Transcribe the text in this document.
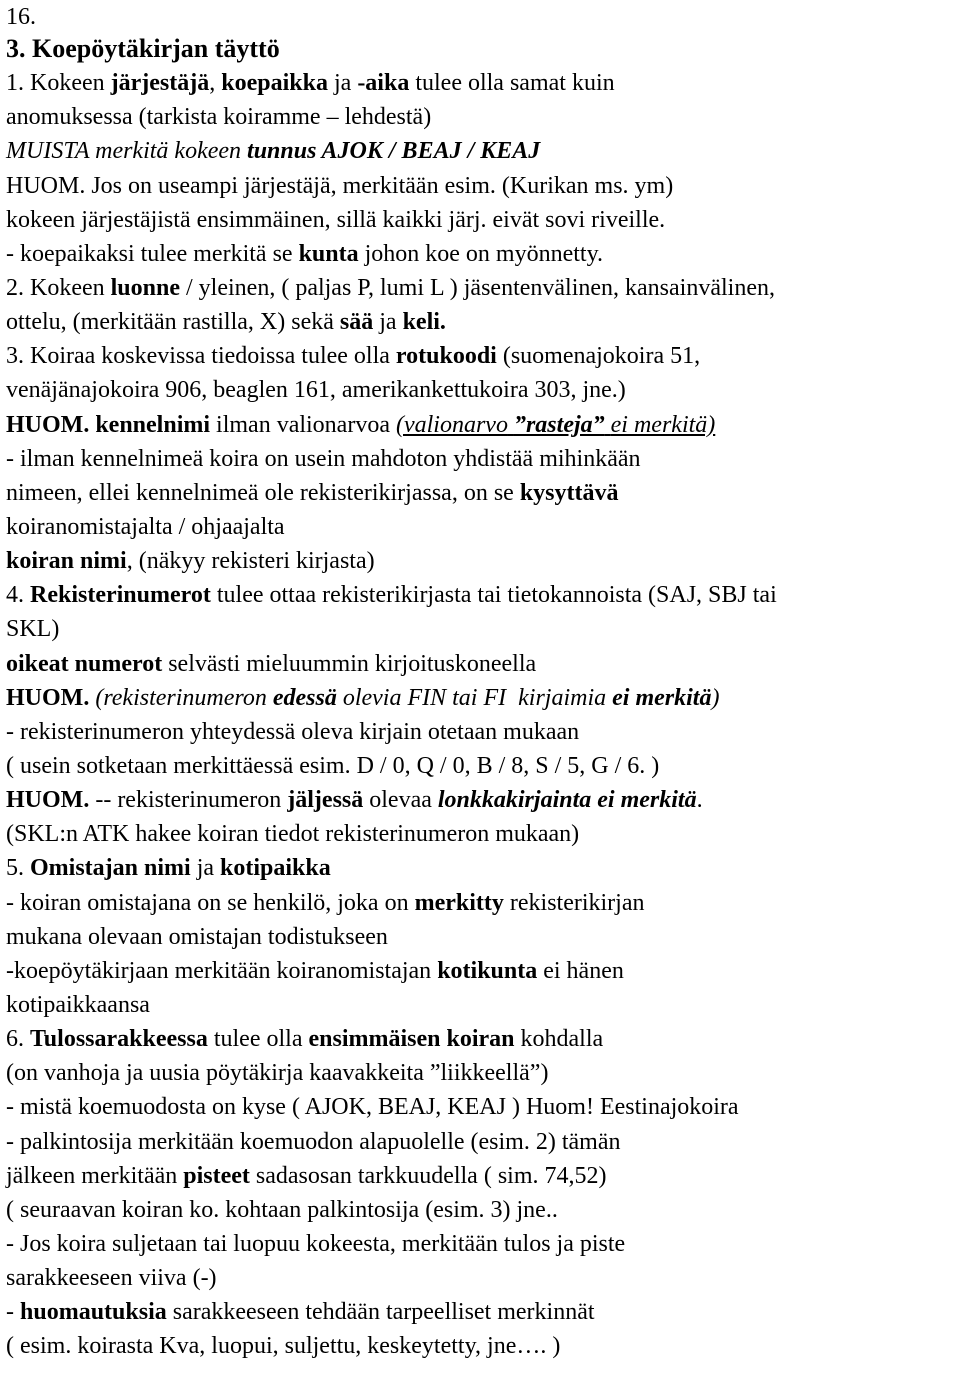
16.
3. Koepöytäkirjan täyttö
1. Kokeen järjestäjä, koepaikka ja -aika tulee olla samat kuin
anomuksessa (tarkista koiramme – lehdestä)
MUISTA merkitä kokeen tunnus AJOK / BEAJ / KEAJ
HUOM. Jos on useampi järjestäjä, merkitään esim. (Kurikan ms. ym)
kokeen järjestäjistä ensimmäinen, sillä kaikki järj. eivät sovi riveille.
- koepaikaksi tulee merkitä se kunta johon koe on myönnetty.
2. Kokeen luonne / yleinen, ( paljas P, lumi L ) jäsentenvälinen, kansainvälinen,
ottelu, (merkitään rastilla, X) sekä sää ja keli.
3. Koiraa koskevissa tiedoissa tulee olla rotukoodi (suomenajokoira 51,
venäjänajokoira 906, beaglen 161, amerikankettukoira 303, jne.)
HUOM. kennelnimi ilman valionarvoa (valionarvo ”rasteja” ei merkitä)
- ilman kennelnimeä koira on usein mahdoton yhdistää mihinkään
nimeen, ellei kennelnimeä ole rekisterikirjassa, on se kysyttävä
koiranomistajalta / ohjaajalta
koiran nimi, (näkyy rekisteri kirjasta)
4. Rekisterinumerot tulee ottaa rekisterikirjasta tai tietokannoista (SAJ, SBJ tai
SKL)
oikeat numerot selvästi mieluummin kirjoituskoneella
HUOM. (rekisterinumeron edessä olevia FIN tai FI  kirjaimia ei merkitä)
- rekisterinumeron yhteydessä oleva kirjain otetaan mukaan
( usein sotketaan merkittäessä esim. D / 0, Q / 0, B / 8, S / 5, G / 6. )
HUOM. -- rekisterinumeron jäljessä olevaa lonkkakirjainta ei merkitä.
(SKL:n ATK hakee koiran tiedot rekisterinumeron mukaan)
5. Omistajan nimi ja kotipaikka
- koiran omistajana on se henkilö, joka on merkitty rekisterikirjan
mukana olevaan omistajan todistukseen
-koepöytäkirjaan merkitään koiranomistajan kotikunta ei hänen
kotipaikkaansa
6. Tulossarakkeessa tulee olla ensimmäisen koiran kohdalla
(on vanhoja ja uusia pöytäkirja kaavakkeita ”liikkeellä”)
- mistä koemuodosta on kyse ( AJOK, BEAJ, KEAJ ) Huom! Eestinajokoira
- palkintosija merkitään koemuodon alapuolelle (esim. 2) tämän
jälkeen merkitään pisteet sadasosan tarkkuudella ( sim. 74,52)
( seuraavan koiran ko. kohtaan palkintosija (esim. 3) jne..
- Jos koira suljetaan tai luopuu kokeesta, merkitään tulos ja piste
sarakkeeseen viiva (-)
- huomautuksia sarakkeeseen tehdään tarpeelliset merkinnät
( esim. koirasta Kva, luopui, suljettu, keskeytetty, jne…. )
